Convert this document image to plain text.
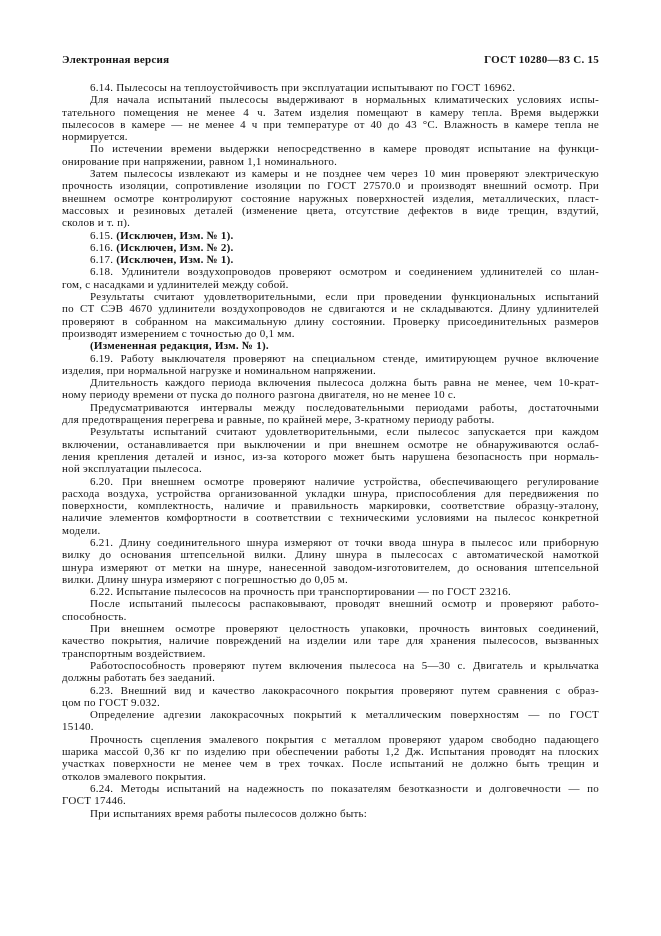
Электронная версия	ГОСТ 10280—83 С. 15
6.14. Пылесосы на теплоустойчивость при эксплуатации испытывают по ГОСТ 16962.
Для начала испытаний пылесосы выдерживают в нормальных климатических условиях испы-
тательного помещения не менее 4 ч. Затем изделия помещают в камеру тепла. Время выдержки
пылесосов в камере — не менее 4 ч при температуре от 40 до 43 °С. Влажность в камере тепла не
нормируется.
По истечении времени выдержки непосредственно в камере проводят испытание на функци-
онирование при напряжении, равном 1,1 номинального.
Затем пылесосы извлекают из камеры и не позднее чем через 10 мин проверяют электрическую
прочность изоляции, сопротивление изоляции по ГОСТ 27570.0 и производят внешний осмотр. При
внешнем осмотре контролируют состояние наружных поверхностей изделия, металлических, пласт-
массовых и резиновых деталей (изменение цвета, отсутствие дефектов в виде трещин, вздутий,
сколов и т. п).
6.15. (Исключен, Изм. № 1).
6.16. (Исключен, Изм. № 2).
6.17. (Исключен, Изм. № 1).
6.18. Удлинители воздухопроводов проверяют осмотром и соединением удлинителей со шлан-
гом, с насадками и удлинителей между собой.
Результаты считают удовлетворительными, если при проведении функциональных испытаний
по СТ СЭВ 4670 удлинители воздухопроводов не сдвигаются и не складываются. Длину удлинителей
проверяют в собранном на максимальную длину состоянии. Проверку присоединительных размеров
производят измерением с точностью до 0,1 мм.
(Измененная редакция, Изм. № 1).
6.19. Работу выключателя проверяют на специальном стенде, имитирующем ручное включение
изделия, при нормальной нагрузке и номинальном напряжении.
Длительность каждого периода включения пылесоса должна быть равна не менее, чем 10-крат-
ному периоду времени от пуска до полного разгона двигателя, но не менее 10 с.
Предусматриваются интервалы между последовательными периодами работы, достаточными
для предотвращения перегрева и равные, по крайней мере, 3-кратному периоду работы.
Результаты испытаний считают удовлетворительными, если пылесос запускается при каждом
включении, останавливается при выключении и при внешнем осмотре не обнаруживаются ослаб-
ления крепления деталей и износ, из-за которого может быть нарушена безопасность при нормаль-
ной эксплуатации пылесоса.
6.20. При внешнем осмотре проверяют наличие устройства, обеспечивающего регулирование
расхода воздуха, устройства организованной укладки шнура, приспособления для передвижения по
поверхности, комплектность, наличие и правильность маркировки, соответствие образцу-эталону,
наличие элементов комфортности в соответствии с техническими условиями на пылесос конкретной
модели.
6.21. Длину соединительного шнура измеряют от точки ввода шнура в пылесос или приборную
вилку до основания штепсельной вилки. Длину шнура в пылесосах с автоматической намоткой
шнура измеряют от метки на шнуре, нанесенной заводом-изготовителем, до основания штепсельной
вилки. Длину шнура измеряют с погрешностью до 0,05 м.
6.22. Испытание пылесосов на прочность при транспортировании — по ГОСТ 23216.
После испытаний пылесосы распаковывают, проводят внешний осмотр и проверяют работо-
способность.
При внешнем осмотре проверяют целостность упаковки, прочность винтовых соединений,
качество покрытия, наличие повреждений на изделии или таре для хранения пылесосов, вызванных
транспортным воздействием.
Работоспособность проверяют путем включения пылесоса на 5—30 с. Двигатель и крыльчатка
должны работать без заеданий.
6.23. Внешний вид и качество лакокрасочного покрытия проверяют путем сравнения с образ-
цом по ГОСТ 9.032.
Определение адгезии лакокрасочных покрытий к металлическим поверхностям — по ГОСТ
15140.
Прочность сцепления эмалевого покрытия с металлом проверяют ударом свободно падающего
шарика массой 0,36 кг по изделию при обеспечении работы 1,2 Дж. Испытания проводят на плоских
участках поверхности не менее чем в трех точках. После испытаний не должно быть трещин и
отколов эмалевого покрытия.
6.24. Методы испытаний на надежность по показателям безотказности и долговечности — по
ГОСТ 17446.
При испытаниях время работы пылесосов должно быть:
